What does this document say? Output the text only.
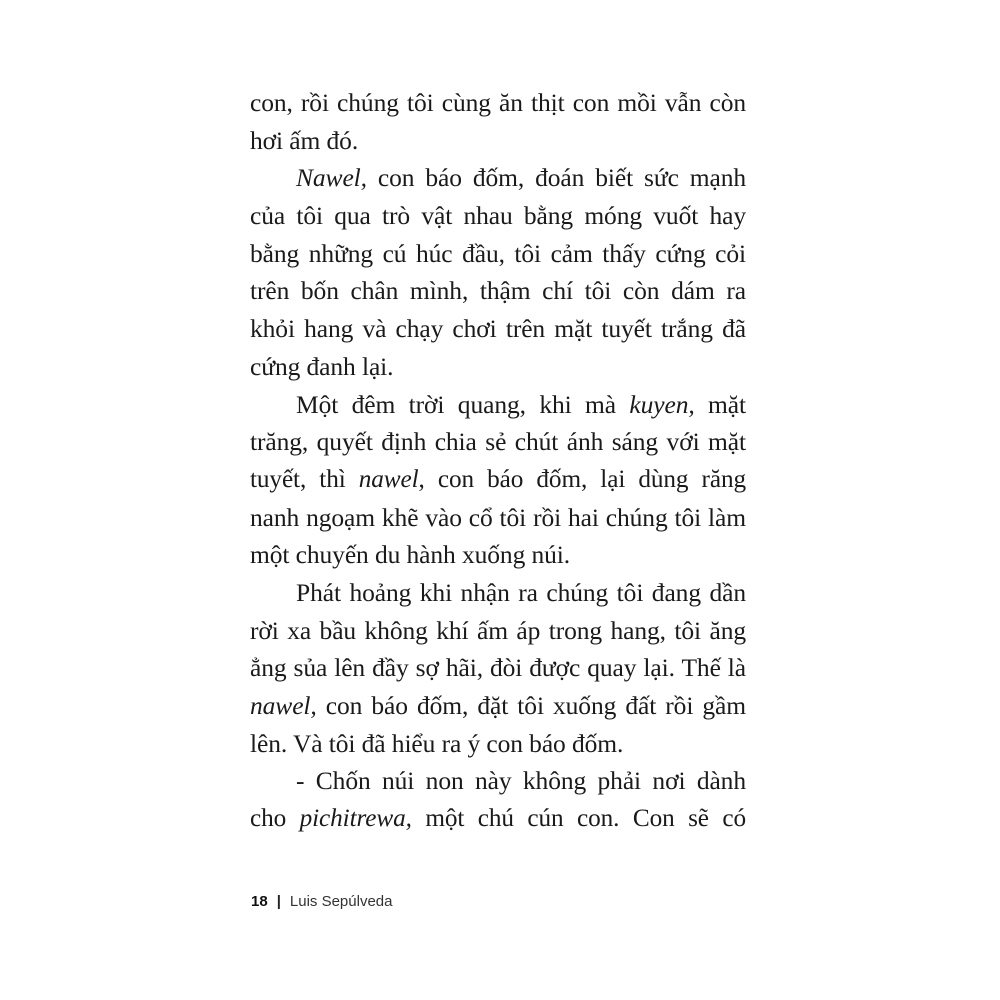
con, rồi chúng tôi cùng ăn thịt con mồi vẫn còn
hơi ấm đó.
Nawel, con báo đốm, đoán biết sức mạnh
của tôi qua trò vật nhau bằng móng vuốt hay
bằng những cú húc đầu, tôi cảm thấy cứng cỏi
trên bốn chân mình, thậm chí tôi còn dám ra
khỏi hang và chạy chơi trên mặt tuyết trắng đã
cứng đanh lại.
Một đêm trời quang, khi mà kuyen, mặt
trăng, quyết định chia sẻ chút ánh sáng với mặt
tuyết, thì nawel, con báo đốm, lại dùng răng
nanh ngoạm khẽ vào cổ tôi rồi hai chúng tôi làm
một chuyến du hành xuống núi.
Phát hoảng khi nhận ra chúng tôi đang dần
rời xa bầu không khí ấm áp trong hang, tôi ăng
ẳng sủa lên đầy sợ hãi, đòi được quay lại. Thế là
nawel, con báo đốm, đặt tôi xuống đất rồi gầm
lên. Và tôi đã hiểu ra ý con báo đốm.
- Chốn núi non này không phải nơi dành
cho pichitrewa, một chú cún con. Con sẽ có
18 | Luis Sepúlveda
